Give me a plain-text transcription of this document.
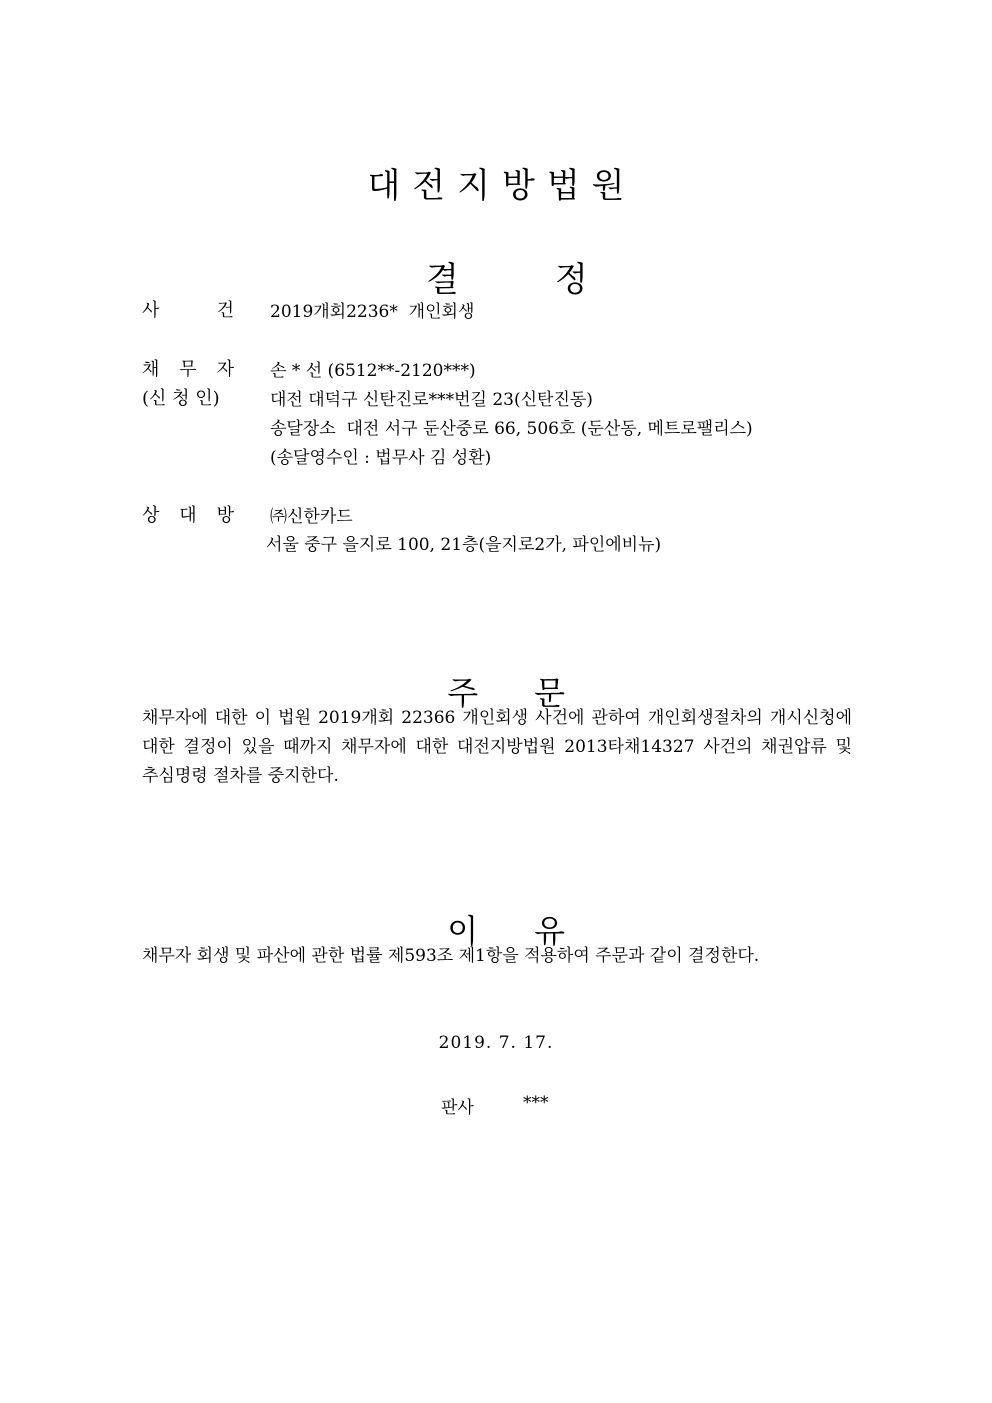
대전지방법원

결	정

사	건 2019개회2236*  개인회생
채 무 자 손 * 선 (6512**-2120***)
(신 청 인)	대전 대덕구 신탄진로***번길 23(신탄진동)
송달장소  대전 서구 둔산중로 66, 506호 (둔산동, 메트로팰리스)
(송달영수인 : 법무사 김 성환)
상 대 방 ㈜신한카드
서울 중구 을지로 100, 21층(을지로2가, 파인에비뉴)

주 문

채무자에 대한 이 법원 2019개회 22366 개인회생 사건에 관하여 개인회생절차의 개시신청에 대한 결정이 있을 때까지 채무자에 대한 대전지방법원 2013타채14327 사건의 채권압류 및 추심명령 절차를 중지한다.

이 유

채무자 회생 및 파산에 관한 법률 제593조 제1항을 적용하여 주문과 같이 결정한다.
2019. 7. 17.
판사	***
